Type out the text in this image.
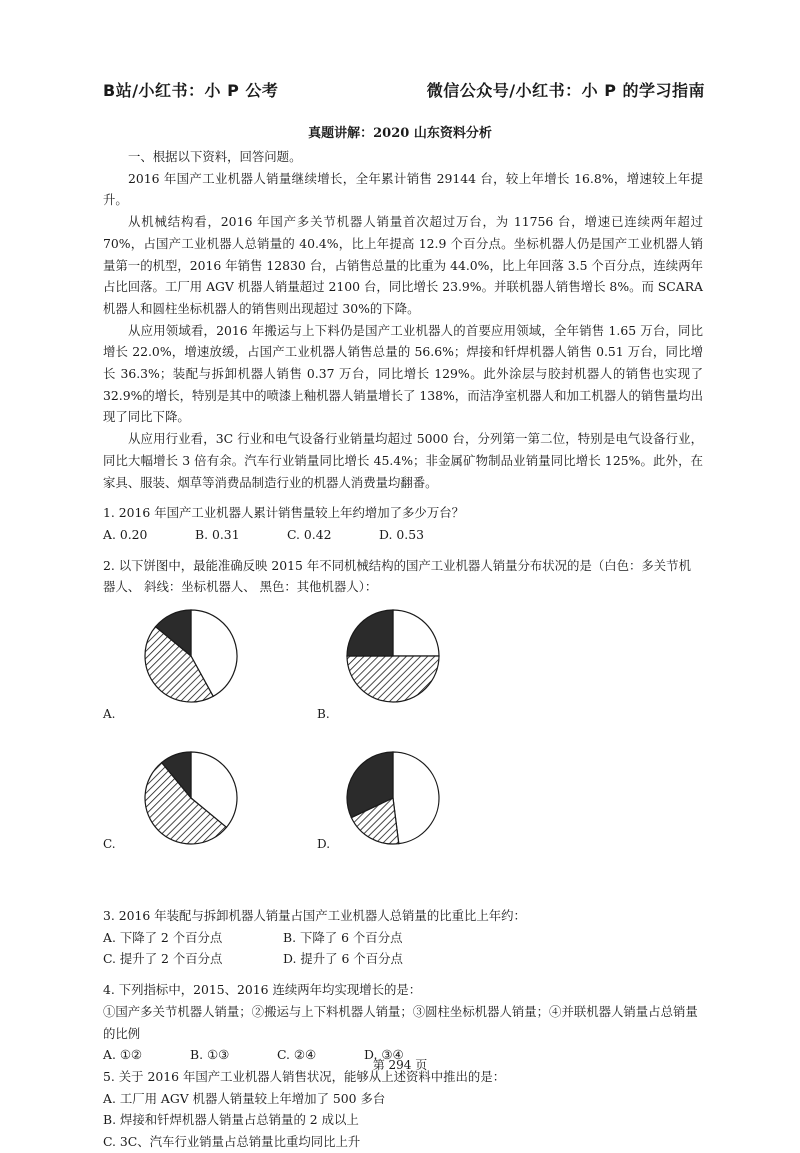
B站/小红书：小 P 公考	微信公众号/小红书：小 P 的学习指南
真题讲解：2020 山东资料分析

一、根据以下资料，回答问题。

2016 年国产工业机器人销量继续增长，全年累计销售 29144 台，较上年增长 16.8%，增速较上年提升。

从机械结构看，2016 年国产多关节机器人销量首次超过万台，为 11756 台，增速已连续两年超过 70%，占国产工业机器人总销量的 40.4%，比上年提高 12.9 个百分点。坐标机器人仍是国产工业机器人销量第一的机型，2016 年销售 12830 台，占销售总量的比重为 44.0%，比上年回落 3.5 个百分点，连续两年占比回落。工厂用 AGV 机器人销量超过 2100 台，同比增长 23.9%。并联机器人销售增长 8%。而 SCARA 机器人和圆柱坐标机器人的销售则出现超过 30%的下降。

从应用领域看，2016 年搬运与上下料仍是国产工业机器人的首要应用领域，全年销售 1.65 万台，同比增长 22.0%，增速放缓，占国产工业机器人销售总量的 56.6%；焊接和钎焊机器人销售 0.51 万台，同比增长 36.3%；装配与拆卸机器人销售 0.37 万台，同比增长 129%。此外涂层与胶封机器人的销售也实现了 32.9%的增长，特别是其中的喷漆上釉机器人销量增长了 138%，而洁净室机器人和加工机器人的销售量均出现了同比下降。

从应用行业看，3C 行业和电气设备行业销量均超过 5000 台，分列第一第二位，特别是电气设备行业，同比大幅增长 3 倍有余。汽车行业销量同比增长 45.4%；非金属矿物制品业销量同比增长 125%。此外，在家具、服装、烟草等消费品制造行业的机器人消费量均翻番。

1. 2016 年国产工业机器人累计销售量较上年约增加了多少万台？

A. 0.20	B. 0.31	C. 0.42	D. 0.53

2. 以下饼图中，最能准确反映 2015 年不同机械结构的国产工业机器人销量分布状况的是（白色：多关节机器人、 斜线：坐标机器人、 黑色：其他机器人）：

A.	B.
C.	D.

3. 2016 年装配与拆卸机器人销量占国产工业机器人总销量的比重比上年约：

A. 下降了 2 个百分点	B. 下降了 6 个百分点
C. 提升了 2 个百分点	D. 提升了 6 个百分点

4. 下列指标中，2015、2016 连续两年均实现增长的是：

①国产多关节机器人销量；②搬运与上下料机器人销量；③圆柱坐标机器人销量；④并联机器人销量占总销量的比例

A. ①②	B. ①③	C. ②④	D. ③④

5. 关于 2016 年国产工业机器人销售状况，能够从上述资料中推出的是：

A. 工厂用 AGV 机器人销量较上年增加了 500 多台

B. 焊接和钎焊机器人销量占总销量的 2 成以上

C. 3C、汽车行业销量占总销量比重均同比上升

第 294 页
